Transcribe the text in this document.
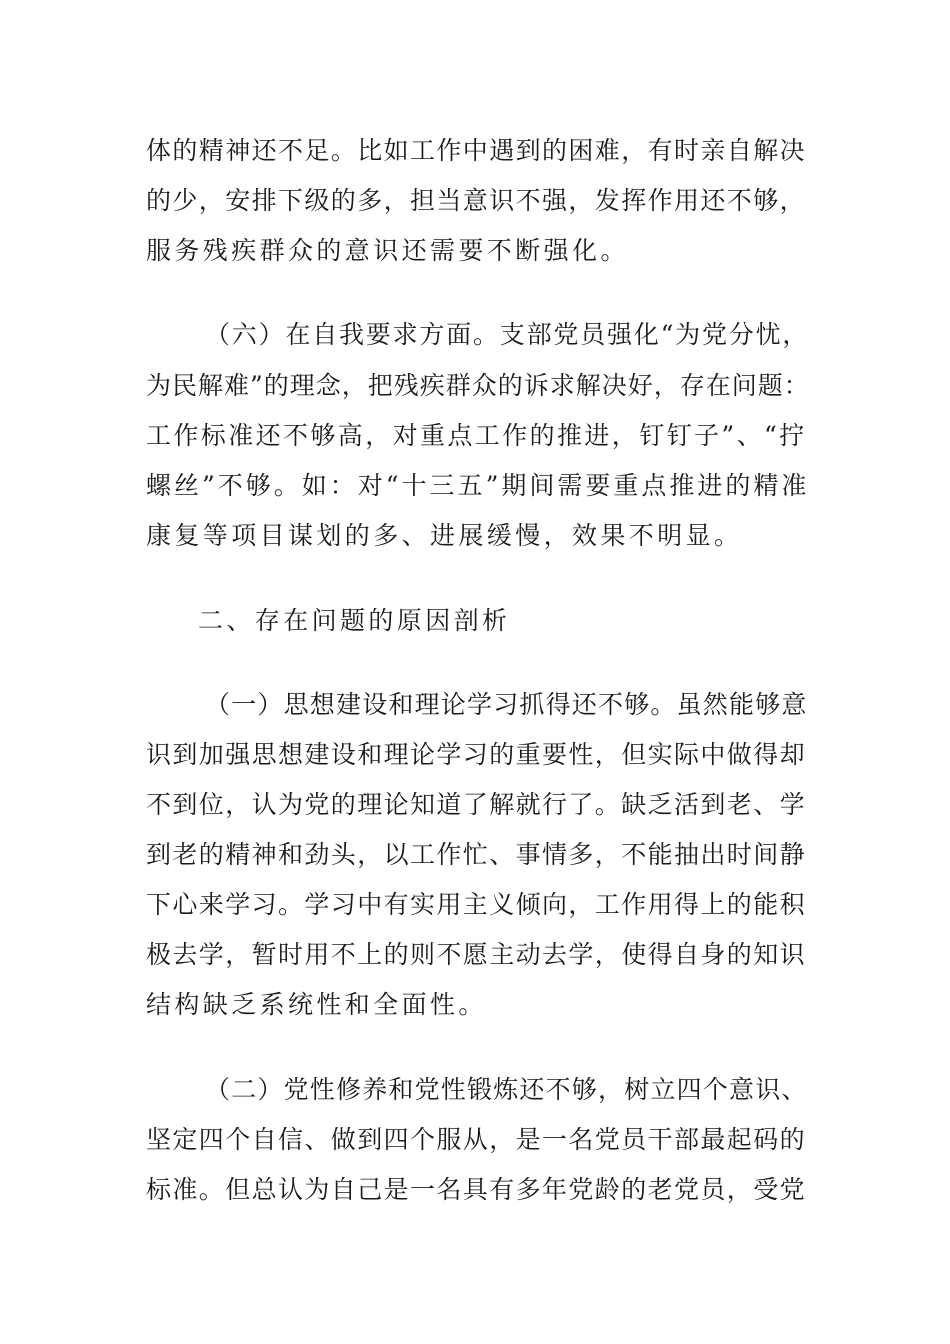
体的精神还不足。比如工作中遇到的困难，有时亲自解决
的少，安排下级的多，担当意识不强，发挥作用还不够，
服务残疾群众的意识还需要不断强化。
（六）在自我要求方面。支部党员强化“为党分忧，
为民解难”的理念，把残疾群众的诉求解决好，存在问题：
工作标准还不够高，对重点工作的推进，钉钉子”、“拧
螺丝”不够。如：对“十三五”期间需要重点推进的精准
康复等项目谋划的多、进展缓慢，效果不明显。
二、存在问题的原因剖析
（一）思想建设和理论学习抓得还不够。虽然能够意
识到加强思想建设和理论学习的重要性，但实际中做得却
不到位，认为党的理论知道了解就行了。缺乏活到老、学
到老的精神和劲头，以工作忙、事情多，不能抽出时间静
下心来学习。学习中有实用主义倾向，工作用得上的能积
极去学，暂时用不上的则不愿主动去学，使得自身的知识
结构缺乏系统性和全面性。
（二）党性修养和党性锻炼还不够，树立四个意识、
坚定四个自信、做到四个服从，是一名党员干部最起码的
标准。但总认为自己是一名具有多年党龄的老党员，受党
